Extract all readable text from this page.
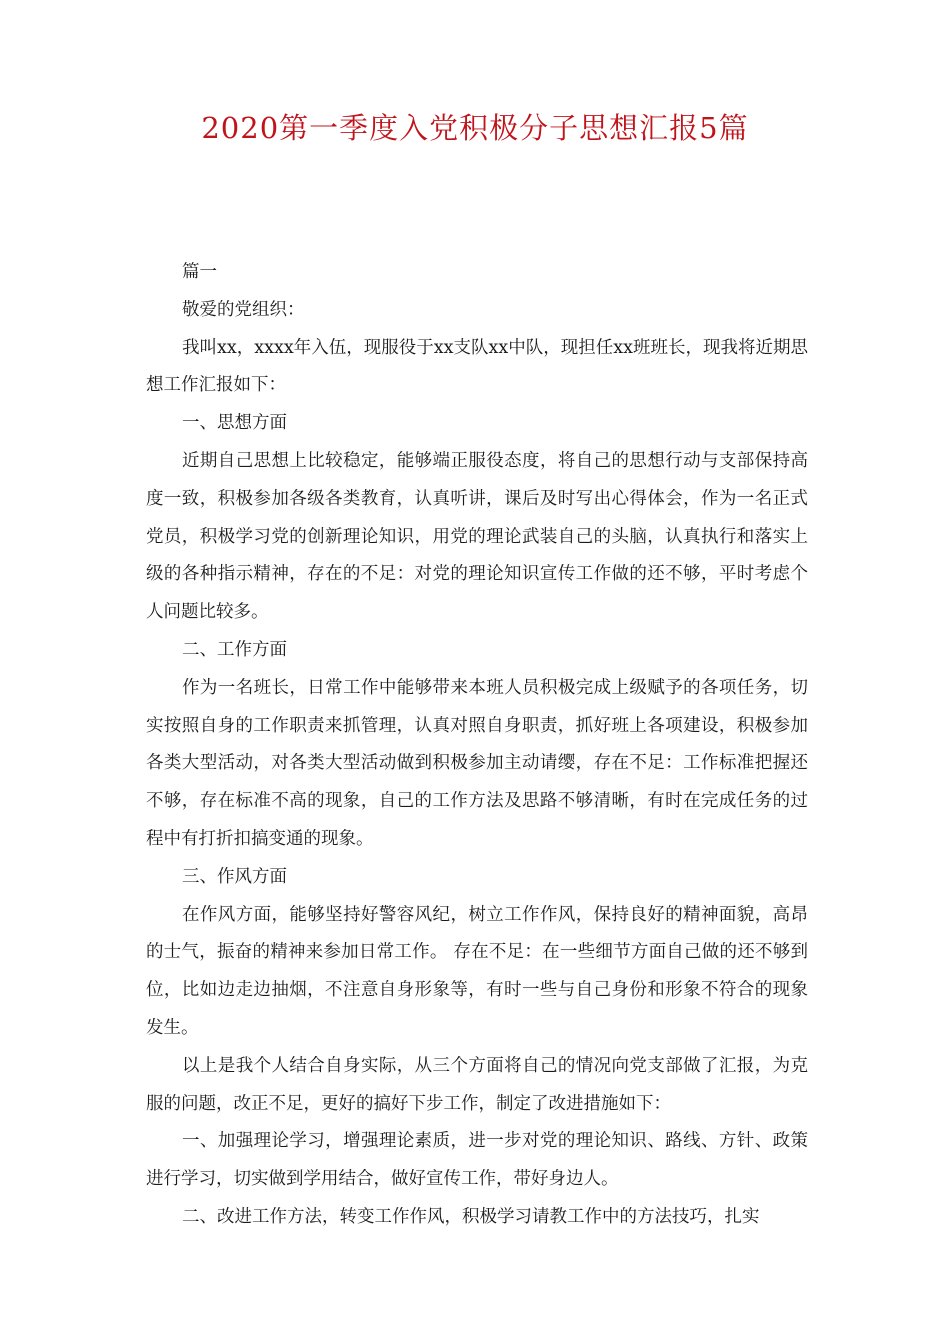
2020第一季度入党积极分子思想汇报5篇

篇一

敬爱的党组织：

我叫xx，xxxx年入伍，现服役于xx支队xx中队，现担任xx班班长，现我将近期思想工作汇报如下：

一、思想方面

近期自己思想上比较稳定，能够端正服役态度，将自己的思想行动与支部保持高度一致，积极参加各级各类教育，认真听讲，课后及时写出心得体会，作为一名正式党员，积极学习党的创新理论知识，用党的理论武装自己的头脑，认真执行和落实上级的各种指示精神，存在的不足：对党的理论知识宣传工作做的还不够，平时考虑个人问题比较多。

二、工作方面

作为一名班长，日常工作中能够带来本班人员积极完成上级赋予的各项任务，切实按照自身的工作职责来抓管理，认真对照自身职责，抓好班上各项建设，积极参加各类大型活动，对各类大型活动做到积极参加主动请缨，存在不足：工作标准把握还不够，存在标准不高的现象，自己的工作方法及思路不够清晰，有时在完成任务的过程中有打折扣搞变通的现象。

三、作风方面

在作风方面，能够坚持好警容风纪，树立工作作风，保持良好的精神面貌，高昂的士气，振奋的精神来参加日常工作。 存在不足：在一些细节方面自己做的还不够到位，比如边走边抽烟，不注意自身形象等，有时一些与自己身份和形象不符合的现象发生。

以上是我个人结合自身实际，从三个方面将自己的情况向党支部做了汇报，为克服的问题，改正不足，更好的搞好下步工作，制定了改进措施如下：

一、加强理论学习，增强理论素质，进一步对党的理论知识、路线、方针、政策进行学习，切实做到学用结合，做好宣传工作，带好身边人。

二、改进工作方法，转变工作作风，积极学习请教工作中的方法技巧，扎实
